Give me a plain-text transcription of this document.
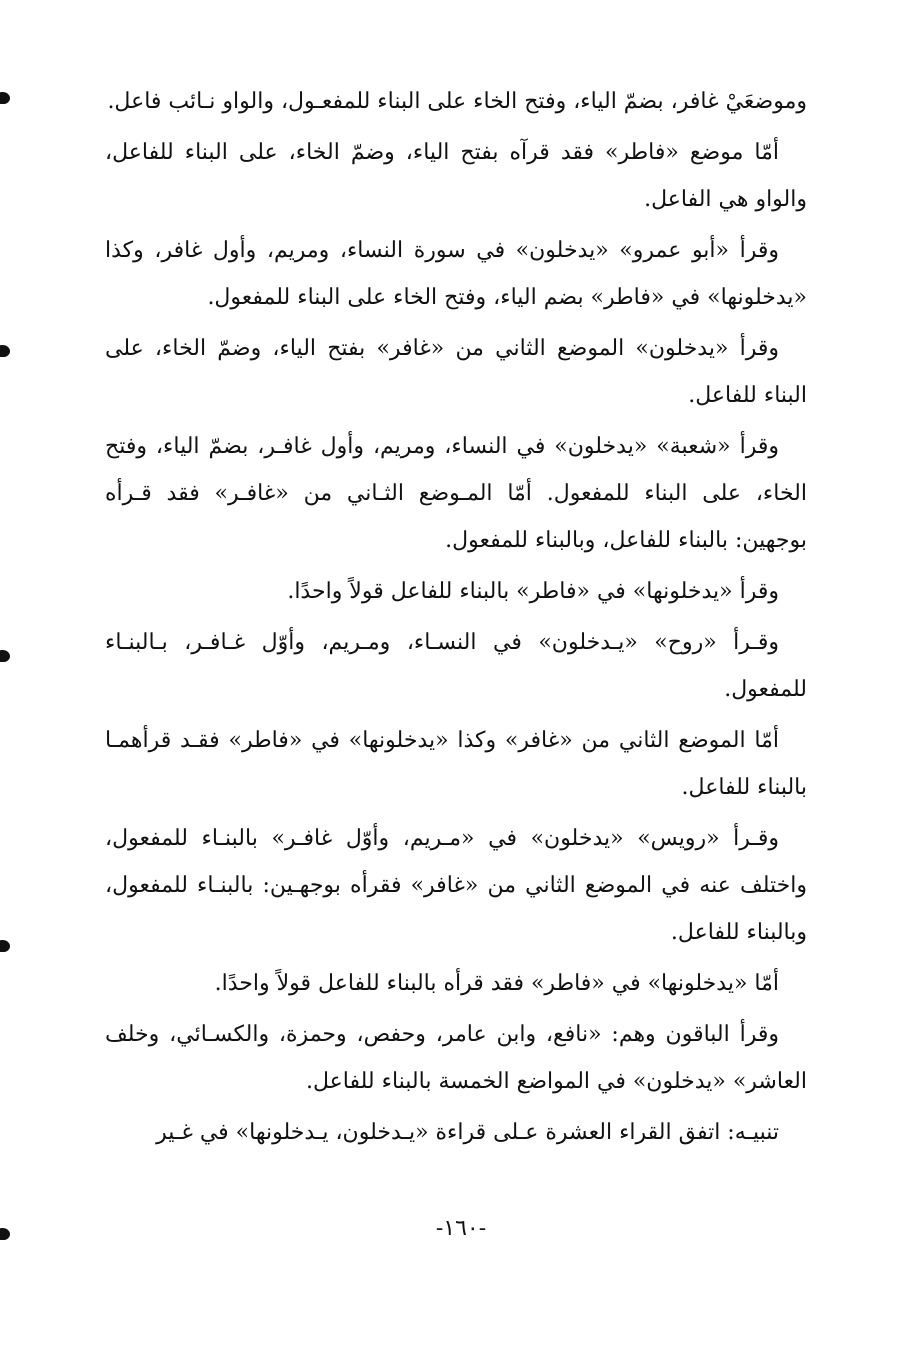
وموضعَيْ غافر، بضمّ الياء، وفتح الخاء على البناء للمفعـول، والواو نـائب فاعل.

أمّا موضع «فاطر» فقد قرآه بفتح الياء، وضمّ الخاء، على البناء للفاعل، والواو هي الفاعل.

وقرأ «أبو عمرو» «يدخلون» في سورة النساء، ومريم، وأول غافر، وكذا «يدخلونها» في «فاطر» بضم الياء، وفتح الخاء على البناء للمفعول.

وقرأ «يدخلون» الموضع الثاني من «غافر» بفتح الياء، وضمّ الخاء، على البناء للفاعل.

وقرأ «شعبة» «يدخلون» في النساء، ومريم، وأول غافـر، بضمّ الياء، وفتح الخاء، على البناء للمفعول. أمّا المـوضع الثـاني من «غافـر» فقد قـرأه بوجهين: بالبناء للفاعل، وبالبناء للمفعول.

وقرأ «يدخلونها» في «فاطر» بالبناء للفاعل قولاً واحدًا.

وقـرأ «روح» «يـدخلون» في النسـاء، ومـريم، وأوّل غـافـر، بـالبنـاء للمفعول.

أمّا الموضع الثاني من «غافر» وكذا «يدخلونها» في «فاطر» فقـد قرأهمـا بالبناء للفاعل.

وقـرأ «رويس» «يدخلون» في «مـريم، وأوّل غافـر» بالبنـاء للمفعول، واختلف عنه في الموضع الثاني من «غافر» فقرأه بوجهـين: بالبنـاء للمفعول، وبالبناء للفاعل.

أمّا «يدخلونها» في «فاطر» فقد قرأه بالبناء للفاعل قولاً واحدًا.

وقرأ الباقون وهم: «نافع، وابن عامر، وحفص، وحمزة، والكسـائي، وخلف العاشر» «يدخلون» في المواضع الخمسة بالبناء للفاعل.

تنبيـه: اتفق القراء العشرة عـلى قراءة «يـدخلون، يـدخلونها» في غـير

-١٦٠-
